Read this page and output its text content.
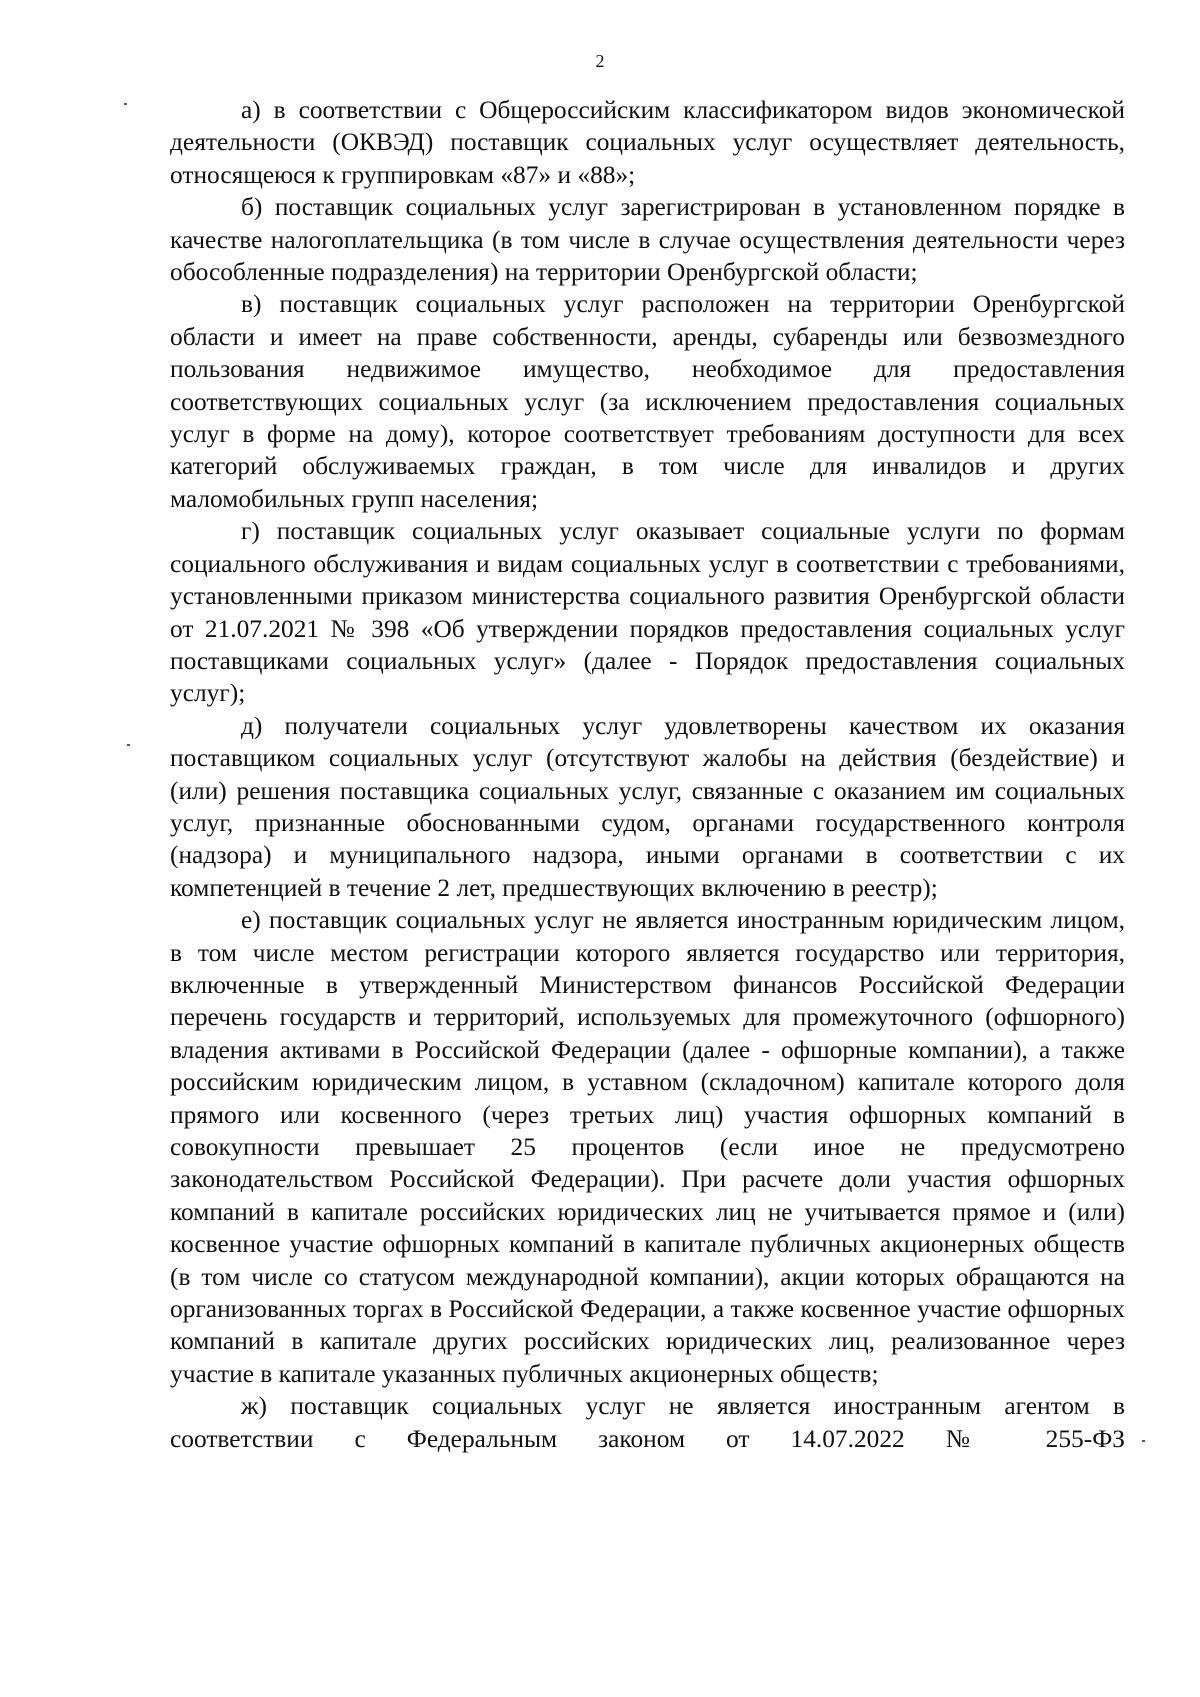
2

а) в соответствии с Общероссийским классификатором видов экономической деятельности (ОКВЭД) поставщик социальных услуг осуществляет деятельность, относящеюся к группировкам «87» и «88»;

б) поставщик социальных услуг зарегистрирован в установленном порядке в качестве налогоплательщика (в том числе в случае осуществления деятельности через обособленные подразделения) на территории Оренбургской области;

в) поставщик социальных услуг расположен на территории Оренбургской области и имеет на праве собственности, аренды, субаренды или безвозмездного пользования недвижимое имущество, необходимое для предоставления соответствующих социальных услуг (за исключением предоставления социальных услуг в форме на дому), которое соответствует требованиям доступности для всех категорий обслуживаемых граждан, в том числе для инвалидов и других маломобильных групп населения;

г) поставщик социальных услуг оказывает социальные услуги по формам социального обслуживания и видам социальных услуг в соответствии с требованиями, установленными приказом министерства социального развития Оренбургской области от 21.07.2021 № 398 «Об утверждении порядков предоставления социальных услуг поставщиками социальных услуг» (далее - Порядок предоставления социальных услуг);

д) получатели социальных услуг удовлетворены качеством их оказания поставщиком социальных услуг (отсутствуют жалобы на действия (бездействие) и (или) решения поставщика социальных услуг, связанные с оказанием им социальных услуг, признанные обоснованными судом, органами государственного контроля (надзора) и муниципального надзора, иными органами в соответствии с их компетенцией в течение 2 лет, предшествующих включению в реестр);

е) поставщик социальных услуг не является иностранным юридическим лицом, в том числе местом регистрации которого является государство или территория, включенные в утвержденный Министерством финансов Российской Федерации перечень государств и территорий, используемых для промежуточного (офшорного) владения активами в Российской Федерации (далее - офшорные компании), а также российским юридическим лицом, в уставном (складочном) капитале которого доля прямого или косвенного (через третьих лиц) участия офшорных компаний в совокупности превышает 25 процентов (если иное не предусмотрено законодательством Российской Федерации). При расчете доли участия офшорных компаний в капитале российских юридических лиц не учитывается прямое и (или) косвенное участие офшорных компаний в капитале публичных акционерных обществ (в том числе со статусом международной компании), акции которых обращаются на организованных торгах в Российской Федерации, а также косвенное участие офшорных компаний в капитале других российских юридических лиц, реализованное через участие в капитале указанных публичных акционерных обществ;

ж) поставщик социальных услуг не является иностранным агентом в соответствии с Федеральным законом от 14.07.2022 № 255-ФЗ
